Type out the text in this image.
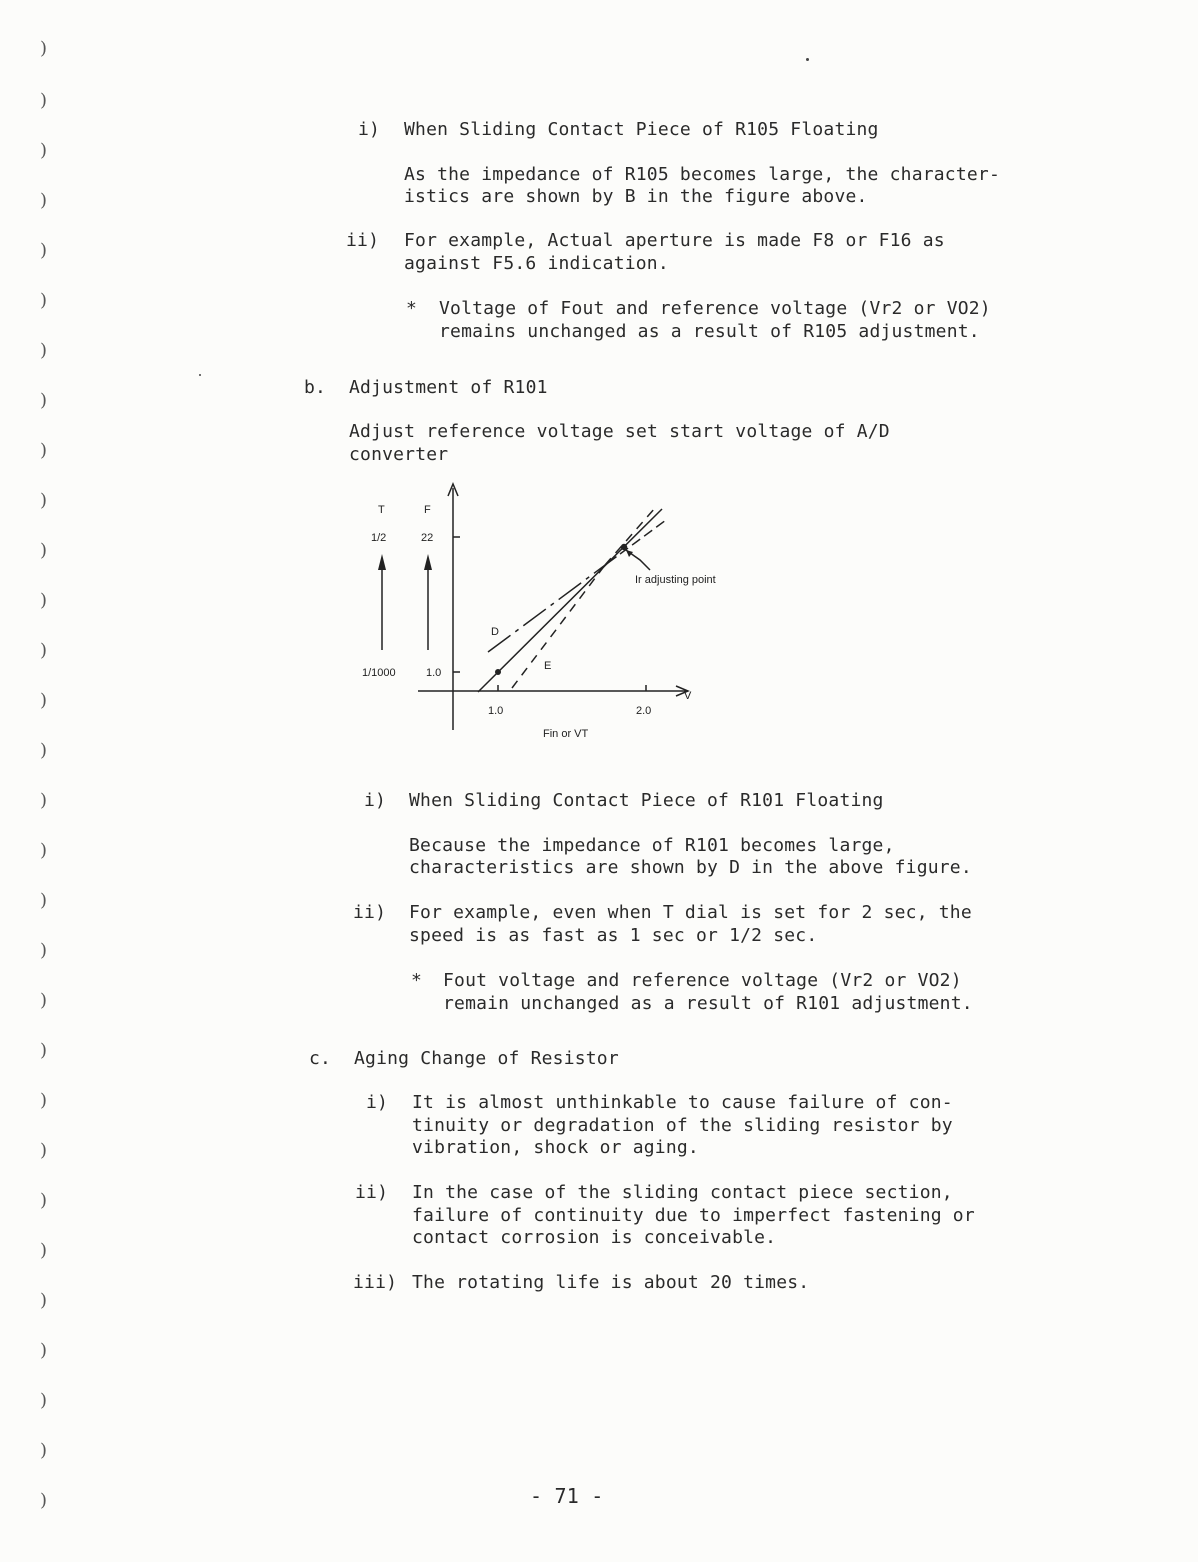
)
)
)
)
)
)
)
)
)
)
)
)
)
)
)
)
)
)
)
)
)
)
)
)
)
)
)
)
)
)
i) When Sliding Contact Piece of R105 Floating
As the impedance of R105 becomes large, the character-
istics are shown by B in the figure above.
ii) For example, Actual aperture is made F8 or F16 as
against F5.6 indication.
* Voltage of Fout and reference voltage (Vr2 or VO2)
remains unchanged as a result of R105 adjustment.
b. Adjustment of R101
Adjust reference voltage set start voltage of A/D
converter
T	F
1/2	22
1/1000	1.0
1.0	2.0
V
Fin or VT
Ir adjusting point
D
E
i) When Sliding Contact Piece of R101 Floating
Because the impedance of R101 becomes large,
characteristics are shown by D in the above figure.
ii) For example, even when T dial is set for 2 sec, the
speed is as fast as 1 sec or 1/2 sec.
* Fout voltage and reference voltage (Vr2 or VO2)
remain unchanged as a result of R101 adjustment.
c. Aging Change of Resistor
i) It is almost unthinkable to cause failure of con-
tinuity or degradation of the sliding resistor by
vibration, shock or aging.
ii) In the case of the sliding contact piece section,
failure of continuity due to imperfect fastening or
contact corrosion is conceivable.
iii) The rotating life is about 20 times.
- 71 -
